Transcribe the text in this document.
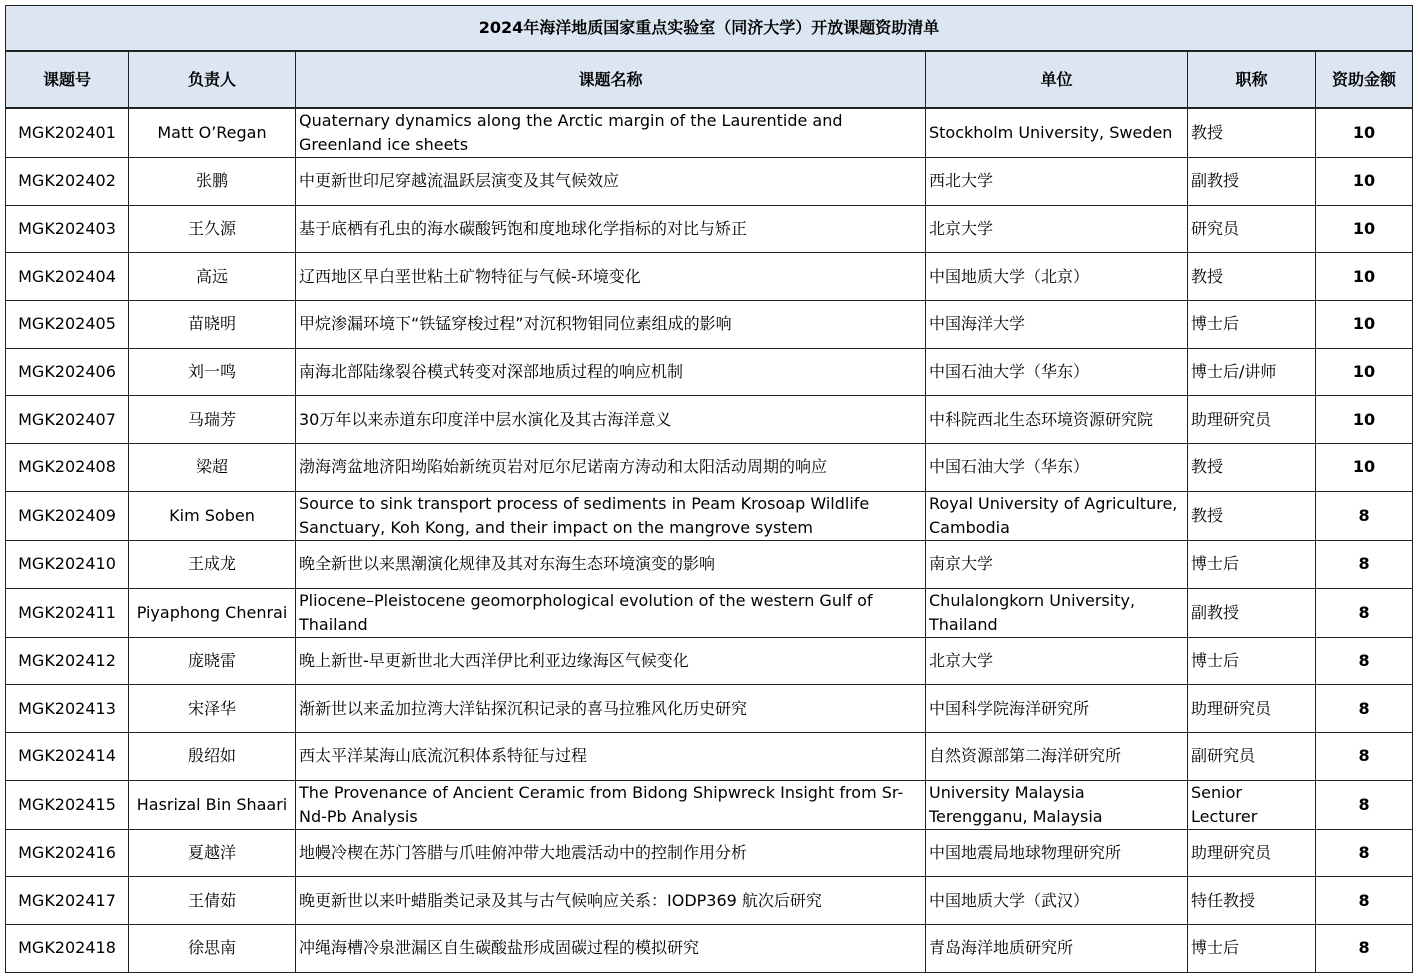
2024年海洋地质国家重点实验室（同济大学）开放课题资助清单					
课题号	负责人	课题名称	单位	职称	资助金额
MGK202401	Matt O’Regan	Quaternary dynamics along the Arctic margin of the Laurentide and Greenland ice sheets	Stockholm University, Sweden	教授	10
MGK202402	张鹏	中更新世印尼穿越流温跃层演变及其气候效应	西北大学	副教授	10
MGK202403	王久源	基于底栖有孔虫的海水碳酸钙饱和度地球化学指标的对比与矫正	北京大学	研究员	10
MGK202404	高远	辽西地区早白垩世粘土矿物特征与气候-环境变化	中国地质大学（北京）	教授	10
MGK202405	苗晓明	甲烷渗漏环境下“铁锰穿梭过程”对沉积物钼同位素组成的影响	中国海洋大学	博士后	10
MGK202406	刘一鸣	南海北部陆缘裂谷模式转变对深部地质过程的响应机制	中国石油大学（华东）	博士后/讲师	10
MGK202407	马瑞芳	30万年以来赤道东印度洋中层水演化及其古海洋意义	中科院西北生态环境资源研究院	助理研究员	10
MGK202408	梁超	渤海湾盆地济阳坳陷始新统页岩对厄尔尼诺南方涛动和太阳活动周期的响应	中国石油大学（华东）	教授	10
MGK202409	Kim Soben	Source to sink transport process of sediments in Peam Krosoap Wildlife Sanctuary, Koh Kong, and their impact on the mangrove system	Royal University of Agriculture, Cambodia	教授	8
MGK202410	王成龙	晚全新世以来黑潮演化规律及其对东海生态环境演变的影响	南京大学	博士后	8
MGK202411	Piyaphong Chenrai	Pliocene–Pleistocene geomorphological evolution of the western Gulf of Thailand	Chulalongkorn University, Thailand	副教授	8
MGK202412	庞晓雷	晚上新世-早更新世北大西洋伊比利亚边缘海区气候变化	北京大学	博士后	8
MGK202413	宋泽华	渐新世以来孟加拉湾大洋钻探沉积记录的喜马拉雅风化历史研究	中国科学院海洋研究所	助理研究员	8
MGK202414	殷绍如	西太平洋某海山底流沉积体系特征与过程	自然资源部第二海洋研究所	副研究员	8
MGK202415	Hasrizal Bin Shaari	The Provenance of Ancient Ceramic from Bidong Shipwreck Insight from Sr-Nd-Pb Analysis	University Malaysia Terengganu, Malaysia	Senior Lecturer	8
MGK202416	夏越洋	地幔冷楔在苏门答腊与爪哇俯冲带大地震活动中的控制作用分析	中国地震局地球物理研究所	助理研究员	8
MGK202417	王倩茹	晚更新世以来叶蜡脂类记录及其与古气候响应关系：IODP369 航次后研究	中国地质大学（武汉）	特任教授	8
MGK202418	徐思南	冲绳海槽冷泉泄漏区自生碳酸盐形成固碳过程的模拟研究	青岛海洋地质研究所	博士后	8
